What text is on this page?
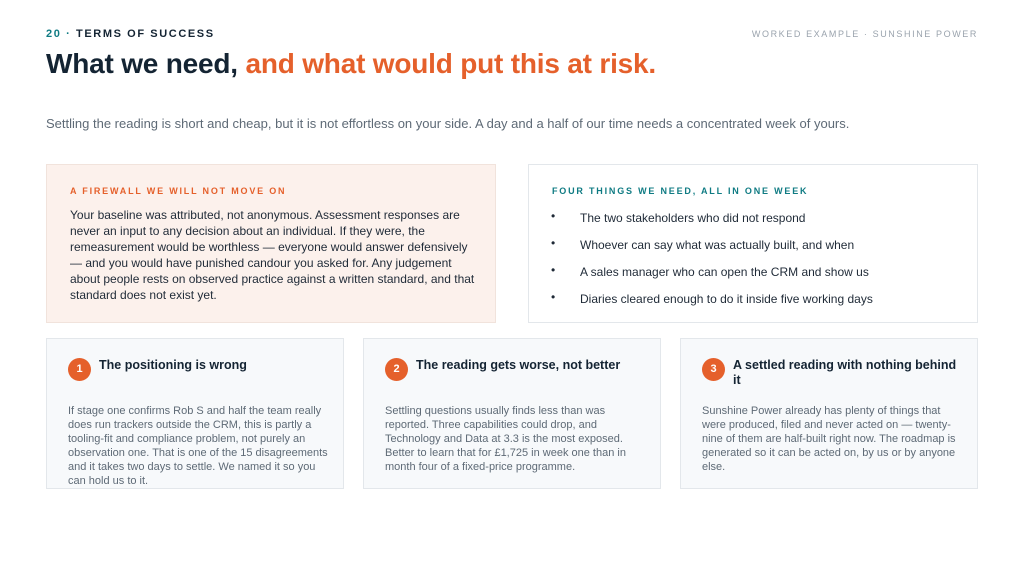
20 · TERMS OF SUCCESS	WORKED EXAMPLE · SUNSHINE POWER
What we need, and what would put this at risk.

Settling the reading is short and cheap, but it is not effortless on your side. A day and a half of our time needs a concentrated week of yours.

A FIREWALL WE WILL NOT MOVE ON

Your baseline was attributed, not anonymous. Assessment responses are never an input to any decision about an individual. If they were, the remeasurement would be worthless — everyone would answer defensively — and you would have punished candour you asked for. Any judgement about people rests on observed practice against a written standard, and that standard does not exist yet.

FOUR THINGS WE NEED, ALL IN ONE WEEK
• The two stakeholders who did not respond
• Whoever can say what was actually built, and when
• A sales manager who can open the CRM and show us
• Diaries cleared enough to do it inside five working days
1	The positioning is wrong

If stage one confirms Rob S and half the team really does run trackers outside the CRM, this is partly a tooling-fit and compliance problem, not purely an observation one. That is one of the 15 disagreements and it takes two days to settle. We named it so you can hold us to it.

2	The reading gets worse, not better

Settling questions usually finds less than was reported. Three capabilities could drop, and Technology and Data at 3.3 is the most exposed. Better to learn that for £1,725 in week one than in month four of a fixed-price programme.

3	A settled reading with nothing behind it

Sunshine Power already has plenty of things that were produced, filed and never acted on — twenty-nine of them are half-built right now. The roadmap is generated so it can be acted on, by us or by anyone else.
